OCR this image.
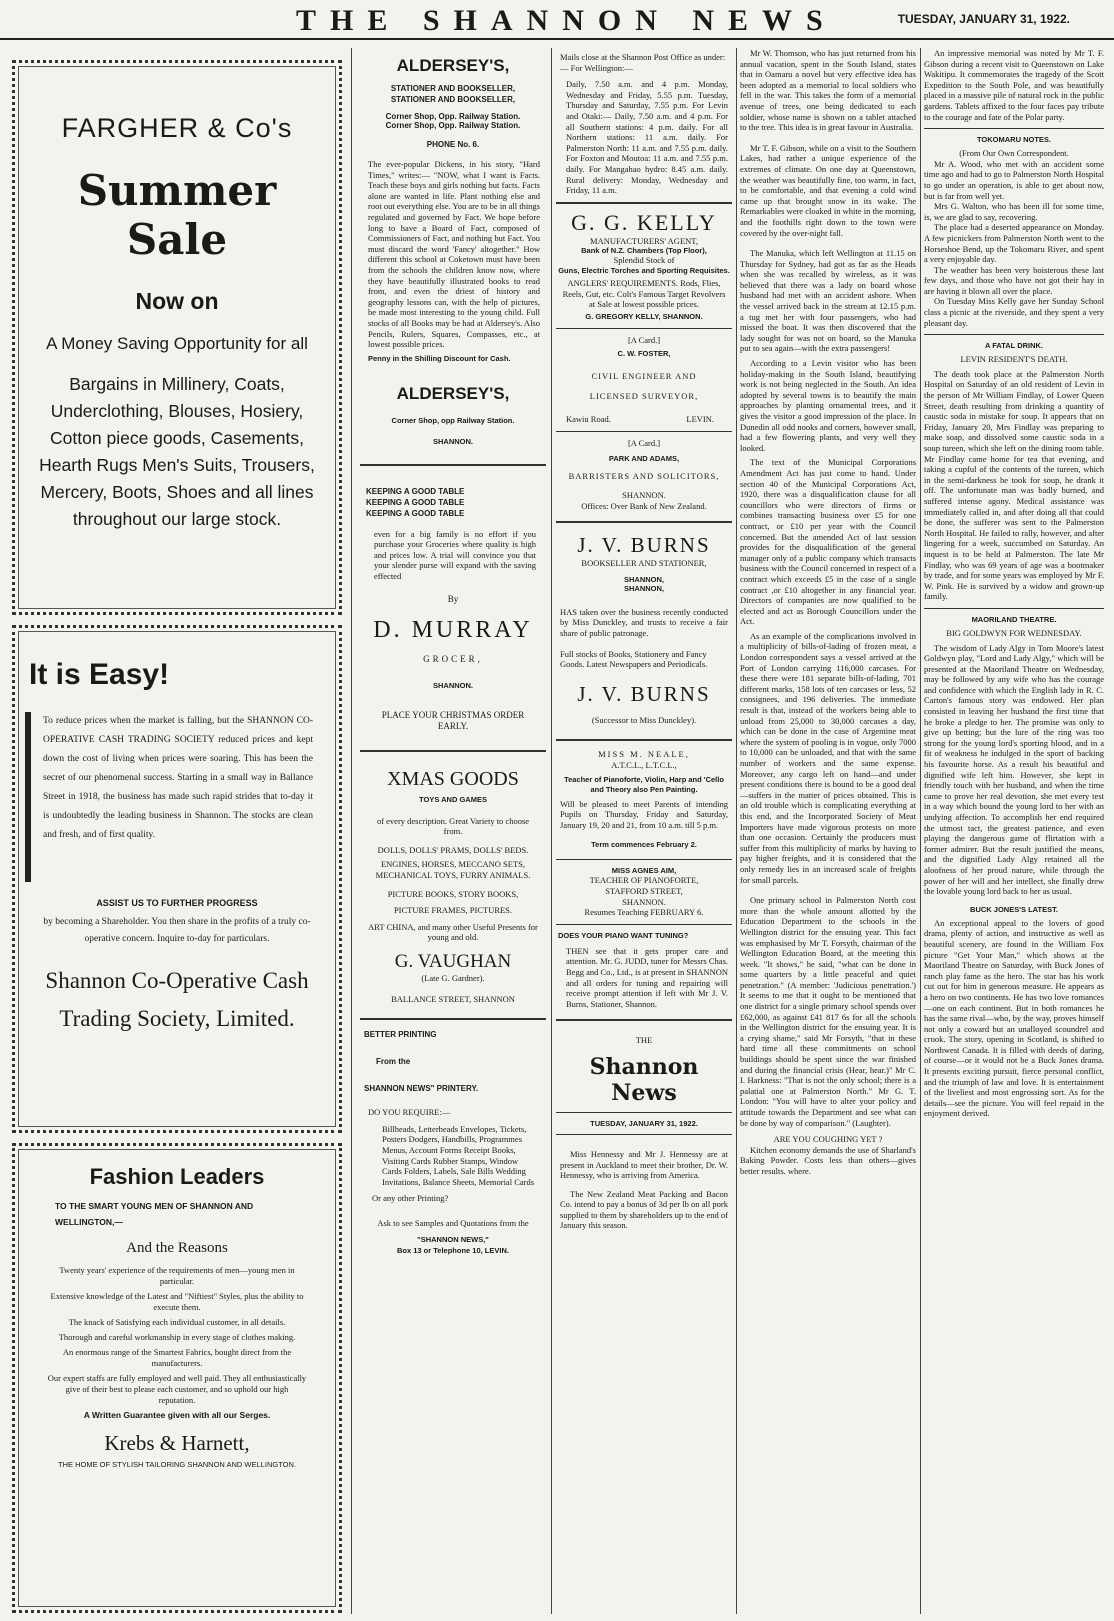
THE SHANNON NEWS	TUESDAY, JANUARY 31, 1922.
FARGHER & Co's
Summer Sale
Now on
A Money Saving Opportunity for all
Bargains in Millinery, Coats, Underclothing, Blouses, Hosiery, Cotton piece goods, Casements, Hearth Rugs Men's Suits, Trousers, Mercery, Boots, Shoes and all lines throughout our large stock.
It is Easy!

To reduce prices when the market is falling, but the SHANNON CO-OPERATIVE CASH TRADING SOCIETY reduced prices and kept down the cost of living when prices were soaring. This has been the secret of our phenomenal success. Starting in a small way in Ballance Street in 1918, the business has made such rapid strides that to-day it is undoubtedly the leading business in Shannon. The stocks are clean and fresh, and of first quality.

ASSIST US TO FURTHER PROGRESS

by becoming a Shareholder. You then share in the profits of a truly co-operative concern. Inquire to-day for particulars.

Shannon Co-Operative Cash Trading Society, Limited.
Fashion Leaders
TO THE SMART YOUNG MEN OF SHANNON AND WELLINGTON,—
And the Reasons
Twenty years' experience of the requirements of men—young men in particular.
Extensive knowledge of the Latest and "Niftiest" Styles, plus the ability to execute them.
The knack of Satisfying each individual customer, in all details.
Thorough and careful workmanship in every stage of clothes making.
An enormous range of the Smartest Fabrics, bought direct from the manufacturers.
Our expert staffs are fully employed and well paid. They all enthusiastically give of their best to please each customer, and so uphold our high reputation.
A Written Guarantee given with all our Serges.
Krebs & Harnett,
THE HOME OF STYLISH TAILORING SHANNON AND WELLINGTON.
ALDERSEY'S,
STATIONER AND BOOKSELLER,
STATIONER AND BOOKSELLER,
Corner Shop, Opp. Railway Station.
Corner Shop, Opp. Railway Station.
PHONE No. 6.

The ever-popular Dickens, in his story, "Hard Times," writes:— "NOW, what I want is Facts. Teach these boys and girls nothing but facts. Facts alone are wanted in life. Plant nothing else and root out everything else. You are to be in all things regulated and governed by Fact. We hope before long to have a Board of Fact, composed of Commissioners of Fact, and nothing but Fact. You must discard the word 'Fancy' altogether." How different this school at Coketown must have been from the schools the children know now, where they have beautifully illustrated books to read from, and even the driest of history and geography lessons can, with the help of pictures, be made most interesting to the young child. Full stocks of all Books may be had at Aldersey's. Also Pencils, Rulers, Squares, Compasses, etc., at lowest possible prices.

Penny in the Shilling Discount for Cash.

ALDERSEY'S,
Corner Shop, opp Railway Station.
SHANNON.
KEEPING A GOOD TABLE
KEEPING A GOOD TABLE
KEEPING A GOOD TABLE

even for a big family is no effort if you purchase your Groceries where quality is high and prices low. A trial will convince you that your slender purse will expand with the saving effected

By
D. MURRAY
GROCER,
SHANNON.
PLACE YOUR CHRISTMAS ORDER EARLY.
XMAS GOODS
TOYS AND GAMES
of every description. Great Variety to choose from.
DOLLS, DOLLS' PRAMS, DOLLS' BEDS.
ENGINES, HORSES, MECCANO SETS, MECHANICAL TOYS, FURRY ANIMALS.
PICTURE BOOKS, STORY BOOKS,
PICTURE FRAMES, PICTURES.
ART CHINA, and many other Useful Presents for young and old.
G. VAUGHAN
(Late G. Gardner).
BALLANCE STREET, SHANNON
BETTER PRINTING
From the
SHANNON NEWS" PRINTERY.
DO YOU REQUIRE:—

Billheads, Letterheads Envelopes, Tickets, Posters Dodgers, Handbills, Programmes Menus, Account Forms Receipt Books, Visiting Cards Rubber Stamps, Window Cards Folders, Labels, Sale Bills Wedding Invitations, Balance Sheets, Memorial Cards

Or any other Printing?

Ask to see Samples and Quotations from the

"SHANNON NEWS,"
Box 13 or Telephone 10, LEVIN.

Mails close at the Shannon Post Office as under:— For Wellington:—

Daily, 7.50 a.m. and 4 p.m. Monday, Wednesday and Friday, 5.55 p.m. Tuesday, Thursday and Saturday, 7.55 p.m. For Levin and Otaki:— Daily, 7.50 a.m. and 4 p.m. For all Southern stations: 4 p.m. daily. For all Northern stations: 11 a.m. daily. For Palmerston North: 11 a.m. and 7.55 p.m. daily. For Foxton and Moutoa: 11 a.m. and 7.55 p.m. daily. For Mangahao hydro: 8.45 a.m. daily. Rural delivery: Monday, Wednesday and Friday, 11 a.m.

G. G. KELLY
MANUFACTURERS' AGENT,
Bank of N.Z. Chambers (Top Floor),
Splendid Stock of
Guns, Electric Torches and Sporting Requisites.

ANGLERS' REQUIREMENTS. Rods, Flies, Reels, Gut, etc. Colt's Famous Target Revolvers at Sale at lowest possible prices.

G. GREGORY KELLY, SHANNON.
[A Card.]
C. W. FOSTER,
CIVIL ENGINEER AND LICENSED SURVEYOR,
Kawiu Road.	LEVIN.
[A Card.]
PARK AND ADAMS,
BARRISTERS AND SOLICITORS,
SHANNON.
Offices: Over Bank of New Zealand.
J. V. BURNS
BOOKSELLER AND STATIONER,
SHANNON,
SHANNON,

HAS taken over the business recently conducted by Miss Dunckley, and trusts to receive a fair share of public patronage.

Full stocks of Books, Stationery and Fancy Goods. Latest Newspapers and Periodicals.

J. V. BURNS
(Successor to Miss Dunckley).
MISS M. NEALE,
A.T.C.L., L.T.C.L.,
Teacher of Pianoforte, Violin, Harp and 'Cello and Theory also Pen Painting.

Will be pleased to meet Parents of intending Pupils on Thursday, Friday and Saturday, January 19, 20 and 21, from 10 a.m. till 5 p.m.

Term commences February 2.
MISS AGNES AIM,
TEACHER OF PIANOFORTE,
STAFFORD STREET,
SHANNON.
Resumes Teaching FEBRUARY 6.
DOES YOUR PIANO WANT TUNING?

THEN see that it gets proper care and attention. Mr. G. JUDD, tuner for Messrs Chas. Begg and Co., Ltd., is at present in SHANNON and all orders for tuning and repairing will receive prompt attention if left with Mr J. V. Burns, Stationer, Shannon.

THE
Shannon News
TUESDAY, JANUARY 31, 1922.

Miss Hennessy and Mr J. Hennessy are at present in Auckland to meet their brother, Dr. W. Hennessy, who is arriving from America.

The New Zealand Meat Packing and Bacon Co. intend to pay a bonus of 3d per lb on all pork supplied to them by shareholders up to the end of January this season.

Mr W. Thomson, who has just returned from his annual vacation, spent in the South Island, states that in Oamaru a novel but very effective idea has been adopted as a memorial to local soldiers who fell in the war. This takes the form of a memorial avenue of trees, one being dedicated to each soldier, whose name is shown on a tablet attached to the tree. This idea is in great favour in Australia.

Mr T. F. Gibson, while on a visit to the Southern Lakes, had rather a unique experience of the extremes of climate. On one day at Queenstown, the weather was beautifully fine, too warm, in fact, to be comfortable, and that evening a cold wind came up that brought snow in its wake. The Remarkables were cloaked in white in the morning, and the foothills right down to the town were covered by the over-night fall.

The Manuka, which left Wellington at 11.15 on Thursday for Sydney, had got as far as the Heads when she was recalled by wireless, as it was believed that there was a lady on board whose husband had met with an accident ashore. When the vessel arrived back in the stream at 12.15 p.m. a tug met her with four passengers, who had missed the boat. It was then discovered that the lady sought for was not on board, so the Manuka put to sea again—with the extra passengers!

According to a Levin visitor who has been holiday-making in the South Island, beautifying work is not being neglected in the South. An idea adopted by several towns is to beautify the main approaches by planting ornamental trees, and it gives the visitor a good impression of the place. In Dunedin all odd nooks and corners, however small, had a few flowering plants, and very well they looked.

The text of the Municipal Corporations Amendment Act has just come to hand. Under section 40 of the Municipal Corporations Act, 1920, there was a disqualification clause for all councillors who were directors of firms or combines transacting business over £5 for one contract, or £10 per year with the Council concerned. But the amended Act of last session provides for the disqualification of the general manager only of a public company which transacts business with the Council concerned in respect of a contract which exceeds £5 in the case of a single contract ,or £10 altogether in any financial year. Directors of companies are now qualified to be elected and act as Borough Councillors under the Act.

As an example of the complications involved in a multiplicity of bills-of-lading of frozen meat, a London correspondent says a vessel arrived at the Port of London carrying 116,000 carcases. For these there were 181 separate bills-of-lading, 701 different marks, 158 lots of ten carcases or less, 52 consignees, and 196 deliveries. The immediate result is that, instead of the workers being able to unload from 25,000 to 30,000 carcases a day, which can be done in the case of Argentine meat where the system of pooling is in vogue, only 7000 to 10,000 can be unloaded, and that with the same number of workers and the same expense. Moreover, any cargo left on hand—and under present conditions there is bound to be a good deal—suffers in the matter of prices obtained. This is an old trouble which is complicating everything at this end, and the Incorporated Society of Meat Importers have made vigorous protests on more than one occasion. Certainly the producers must suffer from this multiplicity of marks by having to pay higher freights, and it is considered that the only remedy lies in an increased scale of freights for small parcels.

One primary school in Palmerston North cost more than the whole amount allotted by the Education Department to the schools in the Wellington district for the ensuing year. This fact was emphasised by Mr T. Forsyth, chairman of the Wellington Education Board, at the meeting this week. "It shows," he said, "what can be done in some quarters by a little peaceful and quiet penetration." (A member: 'Judicious penetration.') It seems to me that it ought to be mentioned that one district for a single primary school spends over £62,000, as against £41 817 6s for all the schools in the Wellington district for the ensuing year. It is a crying shame," said Mr Forsyth, "that in these hard time all these commitments on school buildings should be spent since the war finished and during the financial crisis (Hear, hear.)" Mr C. I. Harkness: "That is not the only school; there is a palatial one at Palmerston North." Mr G. T. London: "You will have to alter your policy and attitude towards the Department and see what can be done by way of comparison." (Laughter).

ARE YOU COUGHING YET ?

Kitchen economy demands the use of Sharland's Baking Powder. Costs less than others—gives better results. where.

An impressive memorial was noted by Mr T. F. Gibson during a recent visit to Queenstown on Lake Wakitipu. It commemorates the tragedy of the Scott Expedition to the South Pole, and was beautifully placed in a massive pile of natural rock in the public gardens. Tablets affixed to the four faces pay tribute to the courage and fate of the Polar party.

TOKOMARU NOTES.
(From Our Own Correspondent.

Mr A. Wood, who met with an accident some time ago and had to go to Palmerston North Hospital to go under an operation, is able to get about now, but is far from well yet.

Mrs G. Walton, who has been ill for some time, is, we are glad to say, recovering.

The place had a deserted appearance on Monday. A few picnickers from Palmerston North went to the Horseshoe Bend, up the Tokomaru River, and spent a very enjoyable day.

The weather has been very boisterous these last few days, and those who have not got their hay in are having it blown all over the place.

On Tuesday Miss Kelly gave her Sunday School class a picnic at the riverside, and they spent a very pleasant day.

A FATAL DRINK.
LEVIN RESIDENT'S DEATH.

The death took place at the Palmerston North Hospital on Saturday of an old resident of Levin in the person of Mr William Findlay, of Lower Queen Street, death resulting from drinking a quantity of caustic soda in mistake for soup. It appears that on Friday, January 20, Mrs Findlay was preparing to make soap, and dissolved some caustic soda in a soup tureen, which she left on the dining room table. Mr Findlay came home for tea that evening, and taking a cupful of the contents of the tureen, which in the semi-darkness he took for soup, he drank it off. The unfortunate man was badly burned, and suffered intense agony. Medical assistance was immediately called in, and after doing all that could be done, the sufferer was sent to the Palmerston North Hospital. He failed to rally, however, and after lingering for a week, succumbed on Saturday. An inquest is to be held at Palmerston. The late Mr Findlay, who was 69 years of age was a bootmaker by trade, and for some years was employed by Mr F. W. Pink. He is survived by a widow and grown-up family.

MAORILAND THEATRE.
BIG GOLDWYN FOR WEDNESDAY.

The wisdom of Lady Algy in Tom Moore's latest Goldwyn play, "Lord and Lady Algy," which will be presented at the Maoriland Theatre on Wednesday, may be followed by any wife who has the courage and confidence with which the English lady in R. C. Carton's famous story was endowed. Her plan consisted in leaving her husband the first time that he broke a pledge to her. The promise was only to give up betting; but the lure of the ring was too strong for the young lord's sporting blood, and in a fit of weakness he indulged in the sport of backing his favourite horse. As a result his beautiful and dignified wife left him. However, she kept in friendly touch with her husband, and when the time came to prove her real devotion, she met every test in a way which bound the young lord to her with an undying affection. To accomplish her end required the utmost tact, the greatest patience, and even playing the dangerous game of flirtation with a former admirer. But the result justified the means, and the dignified Lady Algy retained all the aloofness of her proud nature, while through the power of her will and her intellect, she finally drew the lovable young lord back to her as usual.

BUCK JONES'S LATEST.

An exceptional appeal to the lovers of good drama, plenty of action, and instructive as well as beautiful scenery, are found in the William Fox picture "Get Your Man," which shows at the Maoriland Theatre on Saturday, with Buck Jones of ranch play fame as the hero. The star has his work cut out for him in generous measure. He appears as a hero on two continents. He has two love romances—one on each continent. But in both romances he has the same rival—who, by the way, proves himself not only a coward but an unalloyed scoundrel and crook. The story, opening in Scotland, is shifted to Northwest Canada. It is filled with deeds of daring, of course—or it would not be a Buck Jones drama. It presents exciting pursuit, fierce personal conflict, and the triumph of law and love. It is entertainment of the liveliest and most engrossing sort. As for the details—see the picture. You will feel repaid in the enjoyment derived.
